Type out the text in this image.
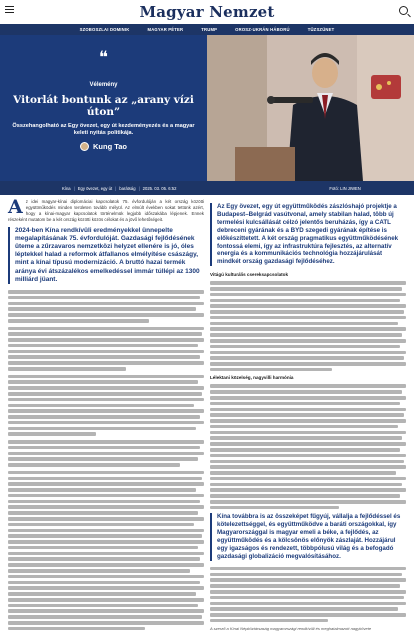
Magyar Nemzet
SZOBOSZLAI DOMINIK	MAGYAR PÉTER	TRUMP	OROSZ-UKRÁN HÁBORÚ	TŰZSZÜNET
❝
Vélemény
Vitorlát bontunk az „arany vízi úton”

Összehangolható az Egy övezet, egy út kezdeményezés és a magyar keleti nyitás politikája.

Kung Tao
Kína | Egy övezet, egy út | barátság | 2025. 03. 05. 6:52	Fotó: LIN JIWEN

A z idei magyar-kínai diplomáciai kapcsolatok 75. évfordulóján a két ország közötti együttműködés minden területen tovább mélyül. Az elmúlt években sokat tettünk azért, hogy a kínai-magyar kapcsolatok történelmük legjobb időszakába lépjenek. Ennek részeként mutatom be a két ország közötti közös célokat és a jövő lehetőségeit.

2024-ben Kína rendkívüli eredményekkel ünnepelte megalapításának 75. évfordulóját. Gazdasági fejlődésének üteme a zűrzavaros nemzetközi helyzet ellenére is jó, óles léptekkel halad a reformok átfallanos elmélyítése császágy, mint a kínai típusú modernizáció. A bruttó hazai termék aránya évi átszázalékos emelkedéssel immár túllépi az 1300 milliárd jüant.
Az Egy övezet, egy út együttműködés zászlóshajó projektje a Budapest–Belgrád vasútvonal, amely stabilan halad, több új termelési kulcsállását célzó jelentős beruházás, így a CATL debreceni gyárának és a BYD szegedi gyárának építése is előkészíttetett. A két ország pragmatikus együttműködésének fontossá elemi, így az infrastruktúra fejlesztés, az alternatív energia és a kommunikációs technológia hozzájárulását mindkét ország gazdasági fejlődéséhez.

Vitágú kulturális csereksapcsolatok

Lélektani közelség, nagyvilli harmónia

Kína továbbra is az összeképet fűgyúj, vállalja a fejlődéssel és kötelezettséggel, és együttműködve a baráti országokkal, így Magyarországgal is magyar emeli a béke, a fejlődés, az együttműködés és a kölcsönös előnyök zászlaját. Hozzájárul egy igazságos és rendezett, többpólusú világ és a befogadó gazdasági globalizáció megvalósításához.

A szerző a Kínai Népköztársaság magyarországi rendkívüli és meghatalmazott nagykövete
